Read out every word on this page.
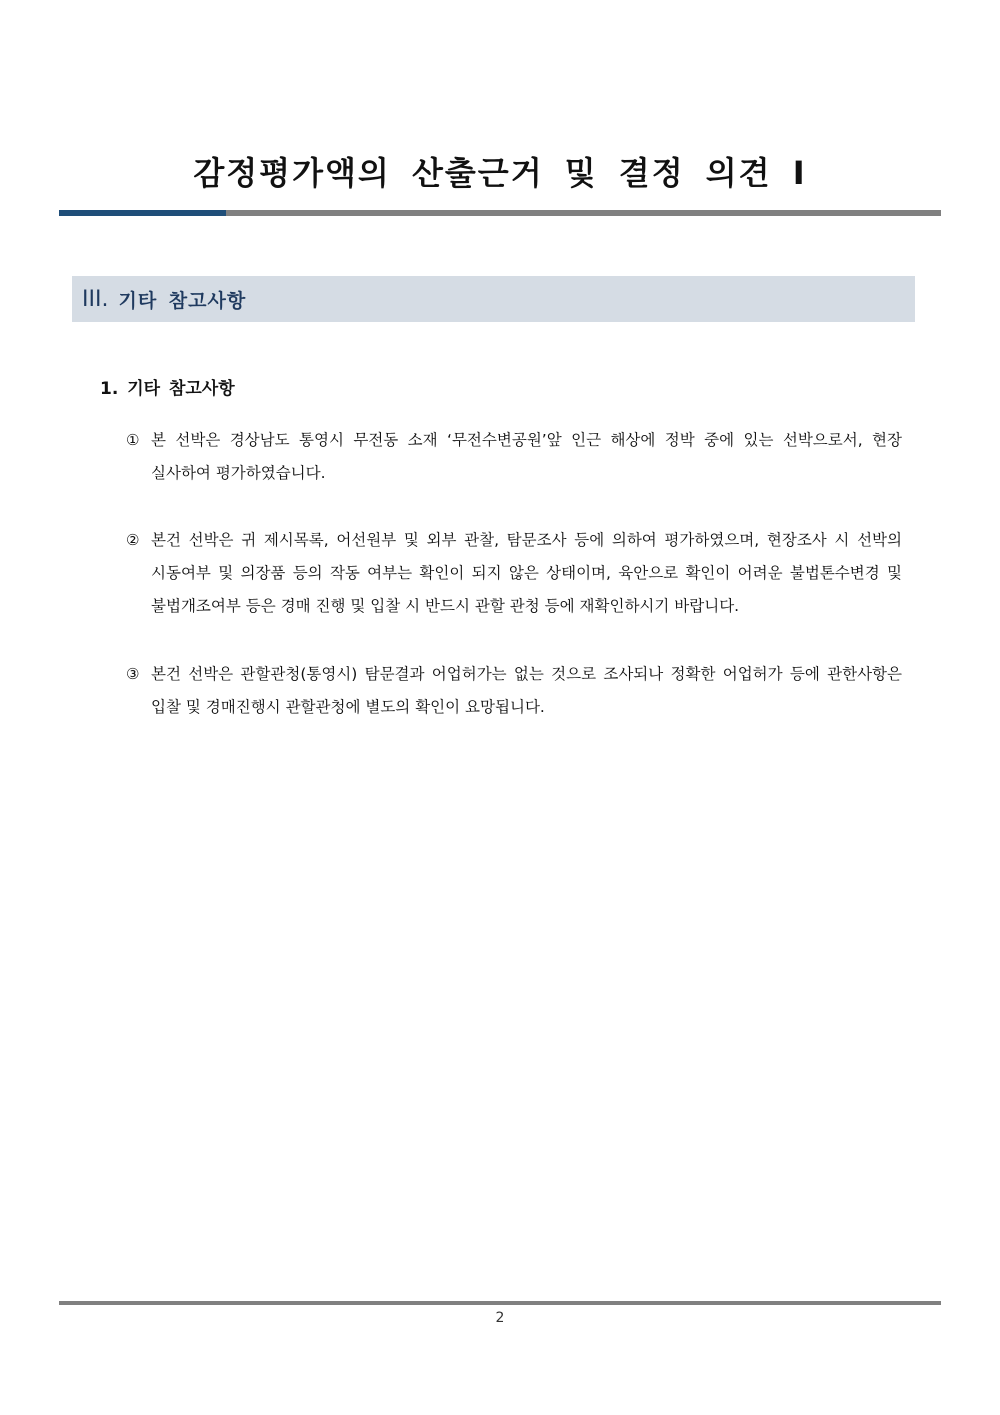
감정평가액의 산출근거 및 결정 의견 I
III. 기타 참고사항
1. 기타 참고사항
① 본 선박은 경상남도 통영시 무전동 소재 ‘무전수변공원’앞 인근 해상에 정박 중에 있는 선박으로서, 현장 실사하여 평가하였습니다.
② 본건 선박은 귀 제시목록, 어선원부 및 외부 관찰, 탐문조사 등에 의하여 평가하였으며, 현장조사 시 선박의 시동여부 및 의장품 등의 작동 여부는 확인이 되지 않은 상태이며, 육안으로 확인이 어려운 불법톤수변경 및 불법개조여부 등은 경매 진행 및 입찰 시 반드시 관할 관청 등에 재확인하시기 바랍니다.
③ 본건 선박은 관할관청(통영시) 탐문결과 어업허가는 없는 것으로 조사되나 정확한 어업허가 등에 관한사항은 입찰 및 경매진행시 관할관청에 별도의 확인이 요망됩니다.
2
